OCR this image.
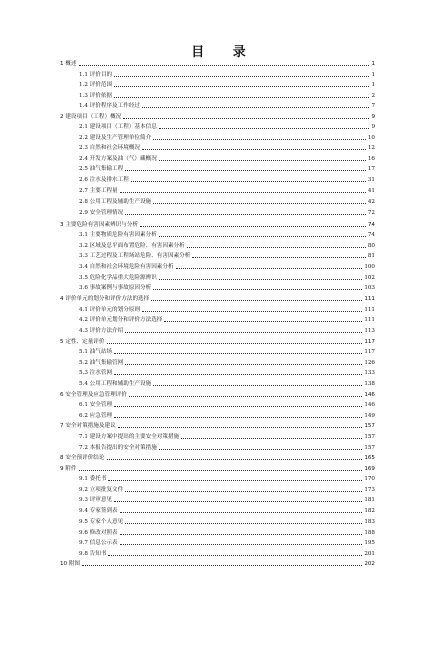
目 录
1 概述	1
1.1 评价目的	1
1.2 评价范围	1
1.3 评价依据	2
1.4 评价程序及工作经过	7
2 建设项目（工程）概况	9
2.1 建设项目（工程）基本信息	9
2.2 建设及生产管理单位简介	10
2.3 自然和社会环境概况	12
2.4 开发方案及油（气）藏概况	16
2.5 油气集输工程	17
2.6 注水及排水工程	31
2.7 主要工程量	41
2.8 公用工程及辅助生产设施	42
2.9 安全管理情况	72
3 主要危险有害因素辨识与分析	74
3.1 主要物质危险有害因素分析	74
3.2 区域及总平面布置危险、有害因素分析	80
3.3 工艺过程及工程场站危险、有害因素分析	81
3.4 自然和社会环境危险有害因素分析	100
3.5 危险化学品重大危险源辨识	102
3.6 事故案例与事故原因分析	103
4 评价单元的划分和评价方法的选择	111
4.1 评价单元的划分原则	111
4.2 评价单元划分和评价方法选择	111
4.3 评价方法介绍	113
5 定性、定量评价	117
5.1 油气站场	117
5.2 油气集输管网	126
5.3 注水管网	133
5.4 公用工程和辅助生产设施	138
6 安全管理及应急管理评价	146
6.1 安全管理	146
6.2 应急管理	149
7 安全对策措施及建议	157
7.1 建设方案中提出的主要安全对策措施	157
7.2 本报告提出的安全对策措施	157
8 安全预评价结论	165
9 附件	169
9.1 委托书	170
9.2 立项批复文件	173
9.3 评审意见	181
9.4 专家签到表	182
9.5 专家个人意见	183
9.6 修改对照表	188
9.7 信息公示表	195
9.8 告知书	201
10 附图	202
